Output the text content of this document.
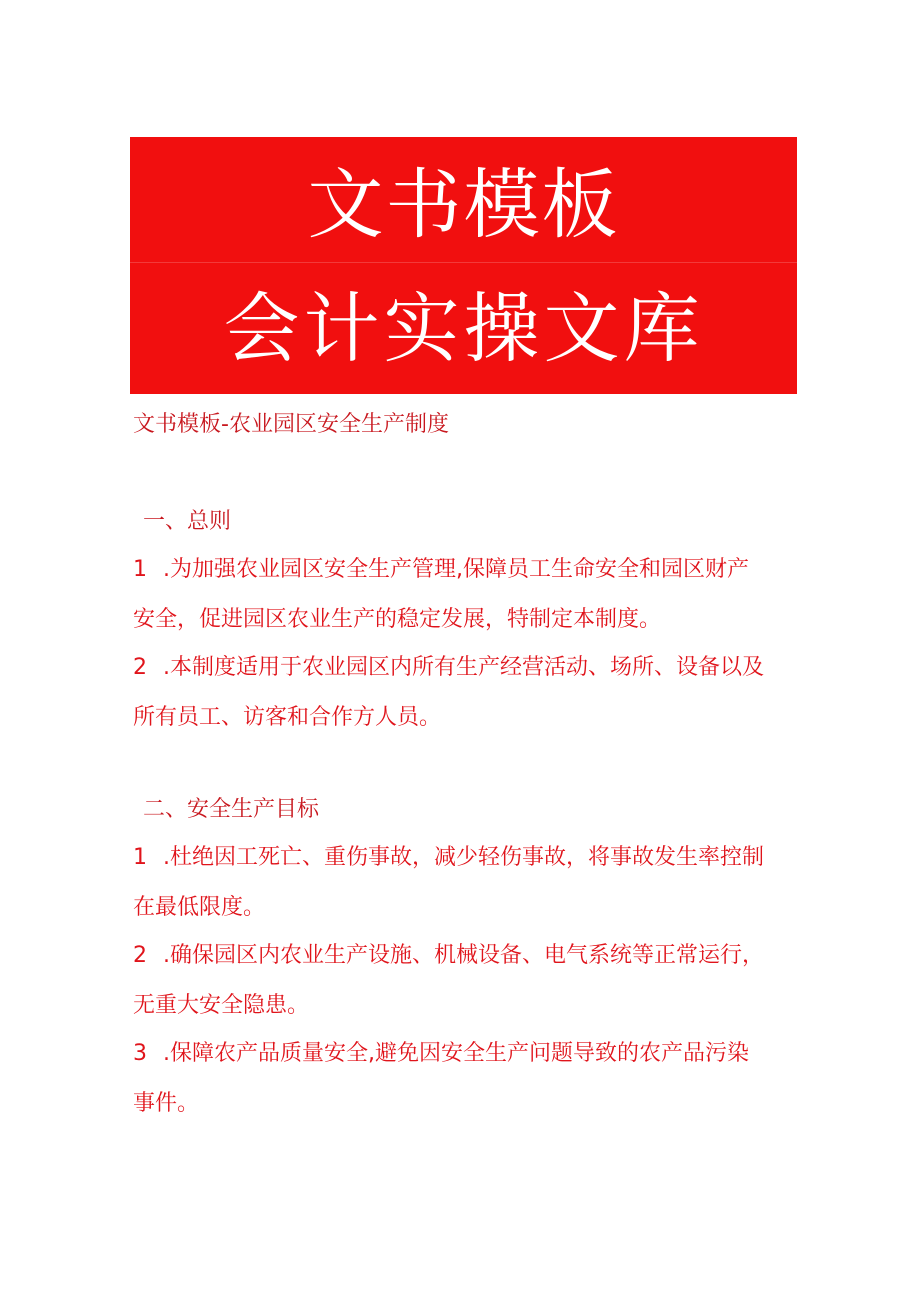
文书模板
会计实操文库
文书模板-农业园区安全生产制度
一、总则

1 .为加强农业园区安全生产管理,保障员工生命安全和园区财产
安全，促进园区农业生产的稳定发展，特制定本制度。

2 .本制度适用于农业园区内所有生产经营活动、场所、设备以及
所有员工、访客和合作方人员。

二、安全生产目标

1 .杜绝因工死亡、重伤事故，减少轻伤事故，将事故发生率控制
在最低限度。

2 .确保园区内农业生产设施、机械设备、电气系统等正常运行，
无重大安全隐患。

3 .保障农产品质量安全,避免因安全生产问题导致的农产品污染
事件。
